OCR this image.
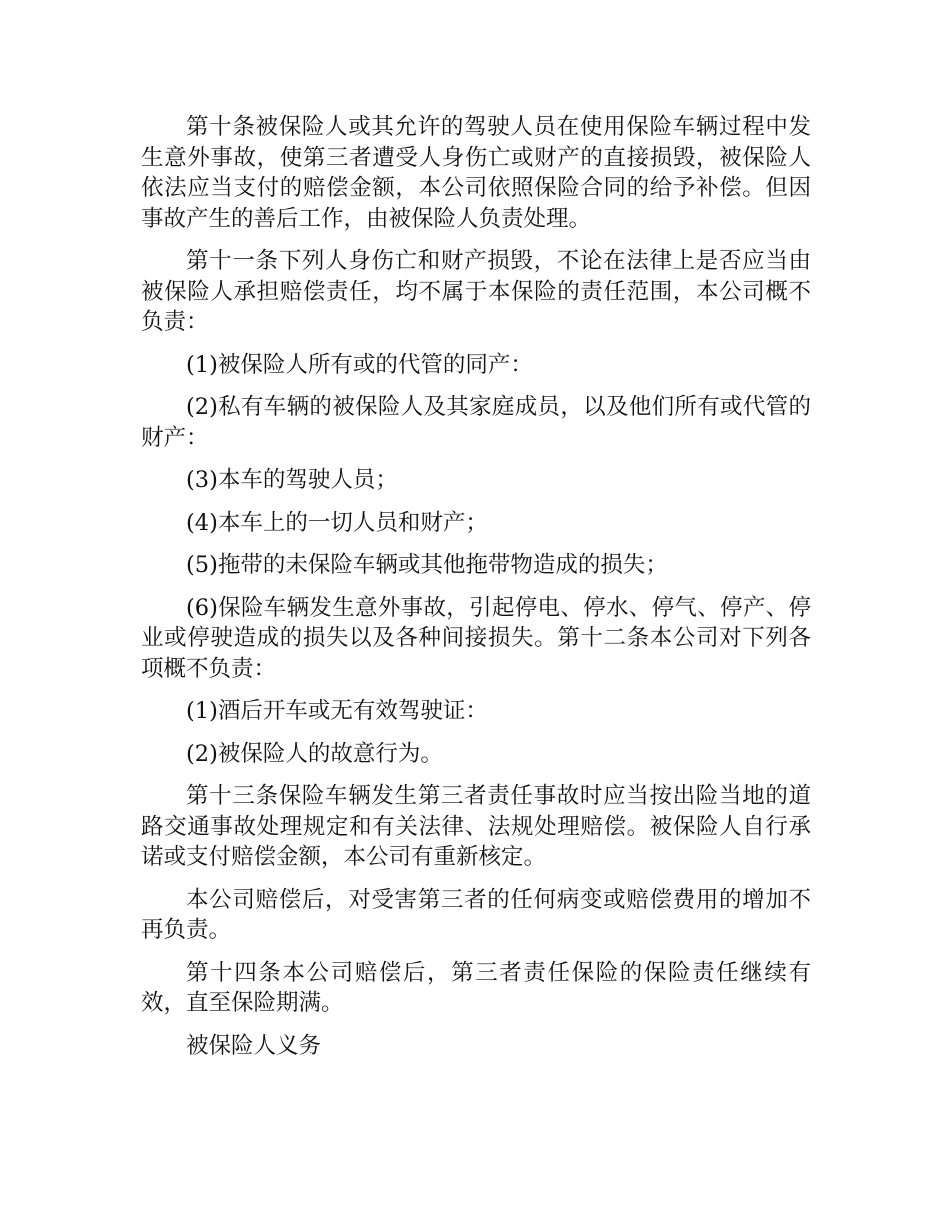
第十条被保险人或其允许的驾驶人员在使用保险车辆过程中发生意外事故，使第三者遭受人身伤亡或财产的直接损毁，被保险人依法应当支付的赔偿金额，本公司依照保险合同的给予补偿。但因事故产生的善后工作，由被保险人负责处理。

第十一条下列人身伤亡和财产损毁，不论在法律上是否应当由被保险人承担赔偿责任，均不属于本保险的责任范围，本公司概不负责：

(1)被保险人所有或的代管的同产：

(2)私有车辆的被保险人及其家庭成员，以及他们所有或代管的财产：

(3)本车的驾驶人员；

(4)本车上的一切人员和财产；

(5)拖带的未保险车辆或其他拖带物造成的损失；

(6)保险车辆发生意外事故，引起停电、停水、停气、停产、停业或停驶造成的损失以及各种间接损失。第十二条本公司对下列各项概不负责：

(1)酒后开车或无有效驾驶证：

(2)被保险人的故意行为。

第十三条保险车辆发生第三者责任事故时应当按出险当地的道路交通事故处理规定和有关法律、法规处理赔偿。被保险人自行承诺或支付赔偿金额，本公司有重新核定。

本公司赔偿后，对受害第三者的任何病变或赔偿费用的增加不再负责。

第十四条本公司赔偿后，第三者责任保险的保险责任继续有效，直至保险期满。

被保险人义务
